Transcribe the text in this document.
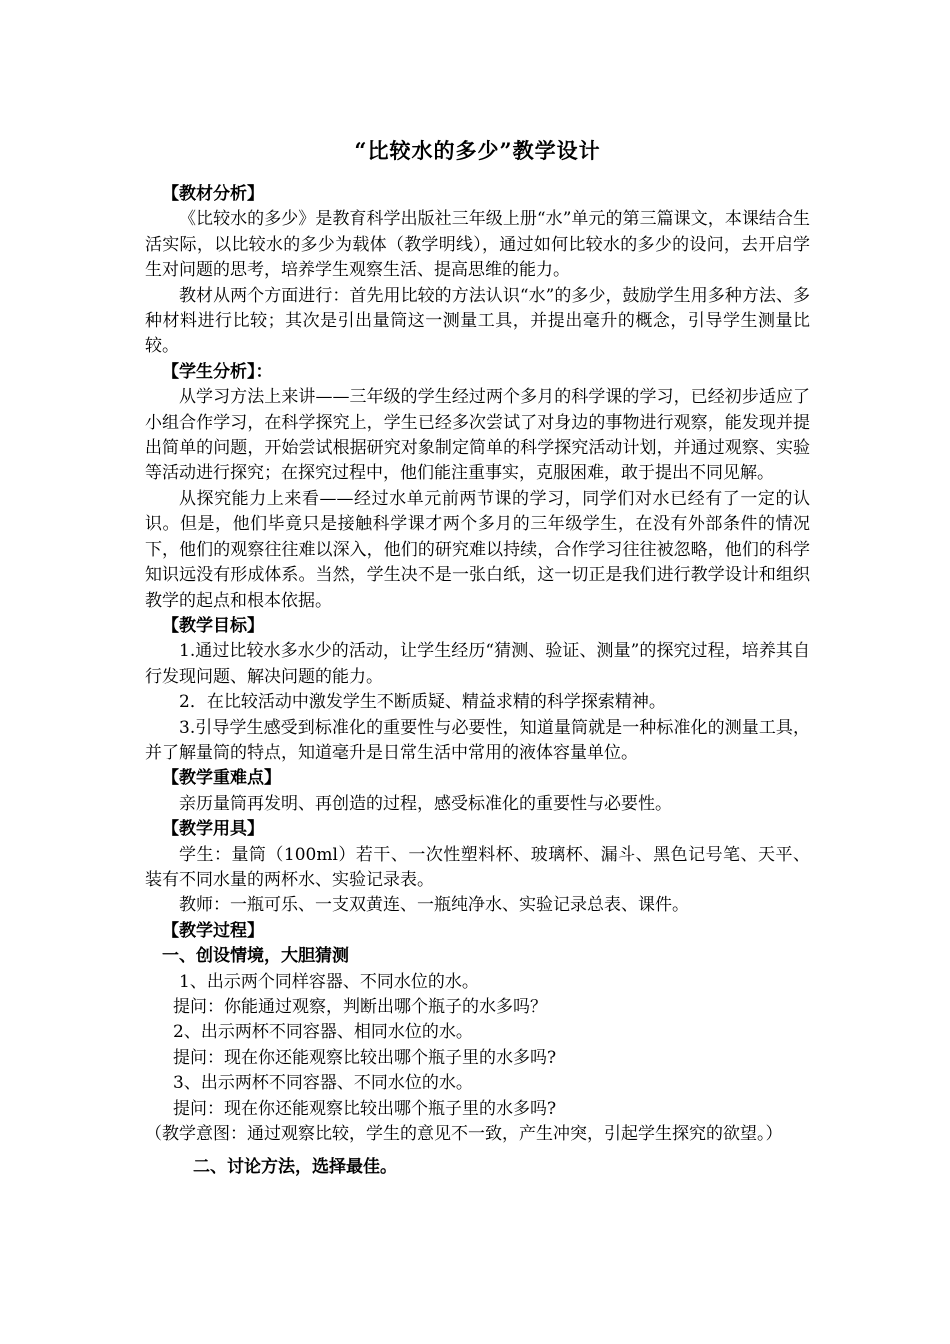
“比较水的多少”教学设计
【教材分析】
《比较水的多少》是教育科学出版社三年级上册“水”单元的第三篇课文，本课结合生活实际，以比较水的多少为载体（教学明线），通过如何比较水的多少的设问，去开启学生对问题的思考，培养学生观察生活、提高思维的能力。
教材从两个方面进行：首先用比较的方法认识“水”的多少，鼓励学生用多种方法、多种材料进行比较；其次是引出量筒这一测量工具，并提出毫升的概念，引导学生测量比较。
【学生分析】：
从学习方法上来讲——三年级的学生经过两个多月的科学课的学习，已经初步适应了小组合作学习，在科学探究上，学生已经多次尝试了对身边的事物进行观察，能发现并提出简单的问题，开始尝试根据研究对象制定简单的科学探究活动计划，并通过观察、实验等活动进行探究；在探究过程中，他们能注重事实，克服困难，敢于提出不同见解。
从探究能力上来看——经过水单元前两节课的学习，同学们对水已经有了一定的认识。但是，他们毕竟只是接触科学课才两个多月的三年级学生，在没有外部条件的情况下，他们的观察往往难以深入，他们的研究难以持续，合作学习往往被忽略，他们的科学知识远没有形成体系。当然，学生决不是一张白纸，这一切正是我们进行教学设计和组织教学的起点和根本依据。
【教学目标】
1.通过比较水多水少的活动，让学生经历“猜测、验证、测量”的探究过程，培养其自行发现问题、解决问题的能力。
2．在比较活动中激发学生不断质疑、精益求精的科学探索精神。
3.引导学生感受到标准化的重要性与必要性，知道量筒就是一种标准化的测量工具，并了解量筒的特点，知道毫升是日常生活中常用的液体容量单位。
【教学重难点】
亲历量筒再发明、再创造的过程，感受标准化的重要性与必要性。
【教学用具】
学生：量筒（100ml）若干、一次性塑料杯、玻璃杯、漏斗、黑色记号笔、天平、装有不同水量的两杯水、实验记录表。
教师：一瓶可乐、一支双黄连、一瓶纯净水、实验记录总表、课件。
【教学过程】
一、创设情境，大胆猜测
1、出示两个同样容器、不同水位的水。
提问：你能通过观察，判断出哪个瓶子的水多吗？
2、出示两杯不同容器、相同水位的水。
提问：现在你还能观察比较出哪个瓶子里的水多吗?
3、出示两杯不同容器、不同水位的水。
提问：现在你还能观察比较出哪个瓶子里的水多吗?
（教学意图：通过观察比较，学生的意见不一致，产生冲突，引起学生探究的欲望。）
二、讨论方法，选择最佳。
